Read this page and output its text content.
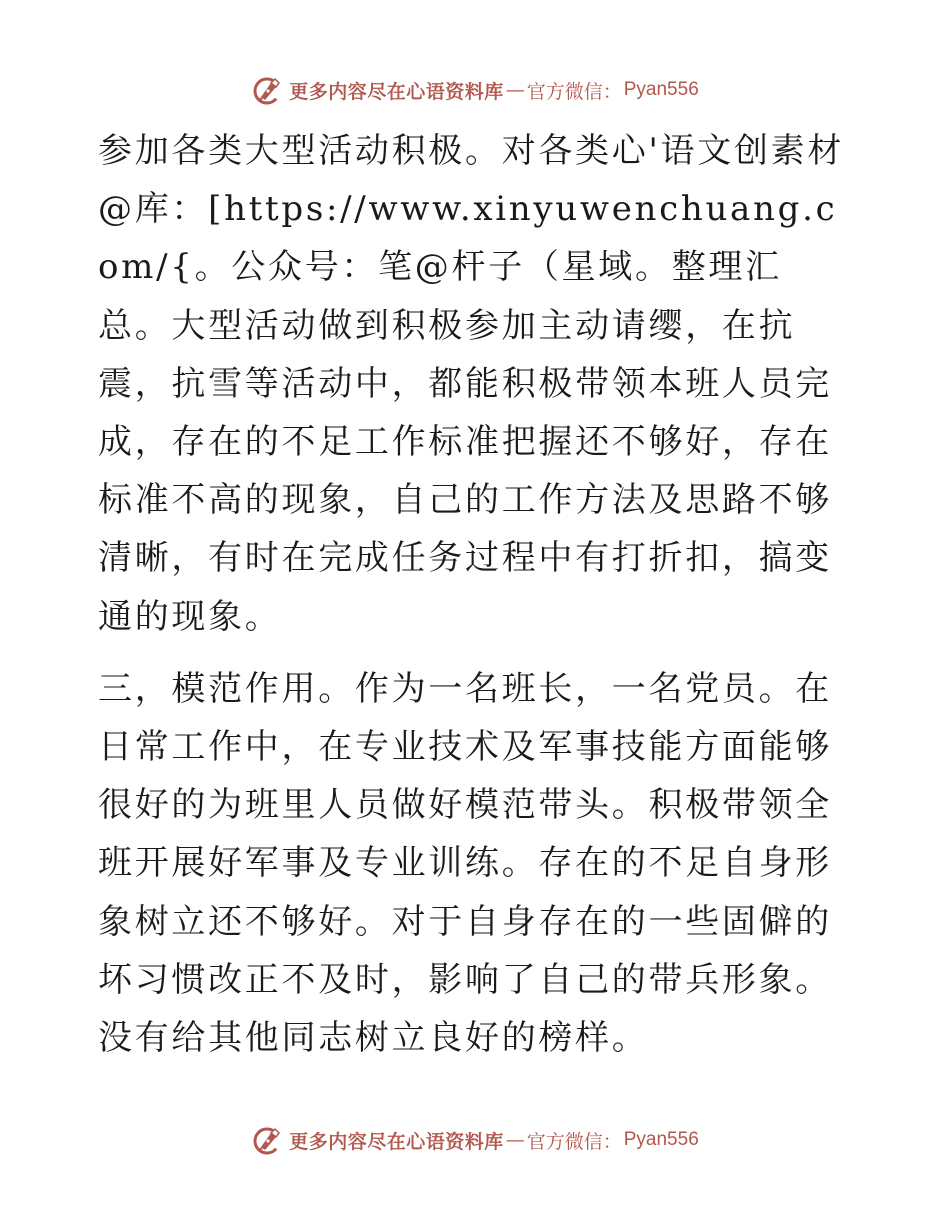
更多内容尽在心语资料库 — 官方微信： Pyan556

参加各类大型活动积极。对各类心'语文创素材@库：[https://www.xinyuwenchuang.com/{。公众号：笔@杆子（星域。整理汇总。大型活动做到积极参加主动请缨，在抗震，抗雪等活动中，都能积极带领本班人员完成，存在的不足工作标准把握还不够好，存在标准不高的现象，自己的工作方法及思路不够清晰，有时在完成任务过程中有打折扣，搞变通的现象。

三，模范作用。作为一名班长，一名党员。在日常工作中，在专业技术及军事技能方面能够很好的为班里人员做好模范带头。积极带领全班开展好军事及专业训练。存在的不足自身形象树立还不够好。对于自身存在的一些固僻的坏习惯改正不及时，影响了自己的带兵形象。没有给其他同志树立良好的榜样。

更多内容尽在心语资料库 — 官方微信： Pyan556
